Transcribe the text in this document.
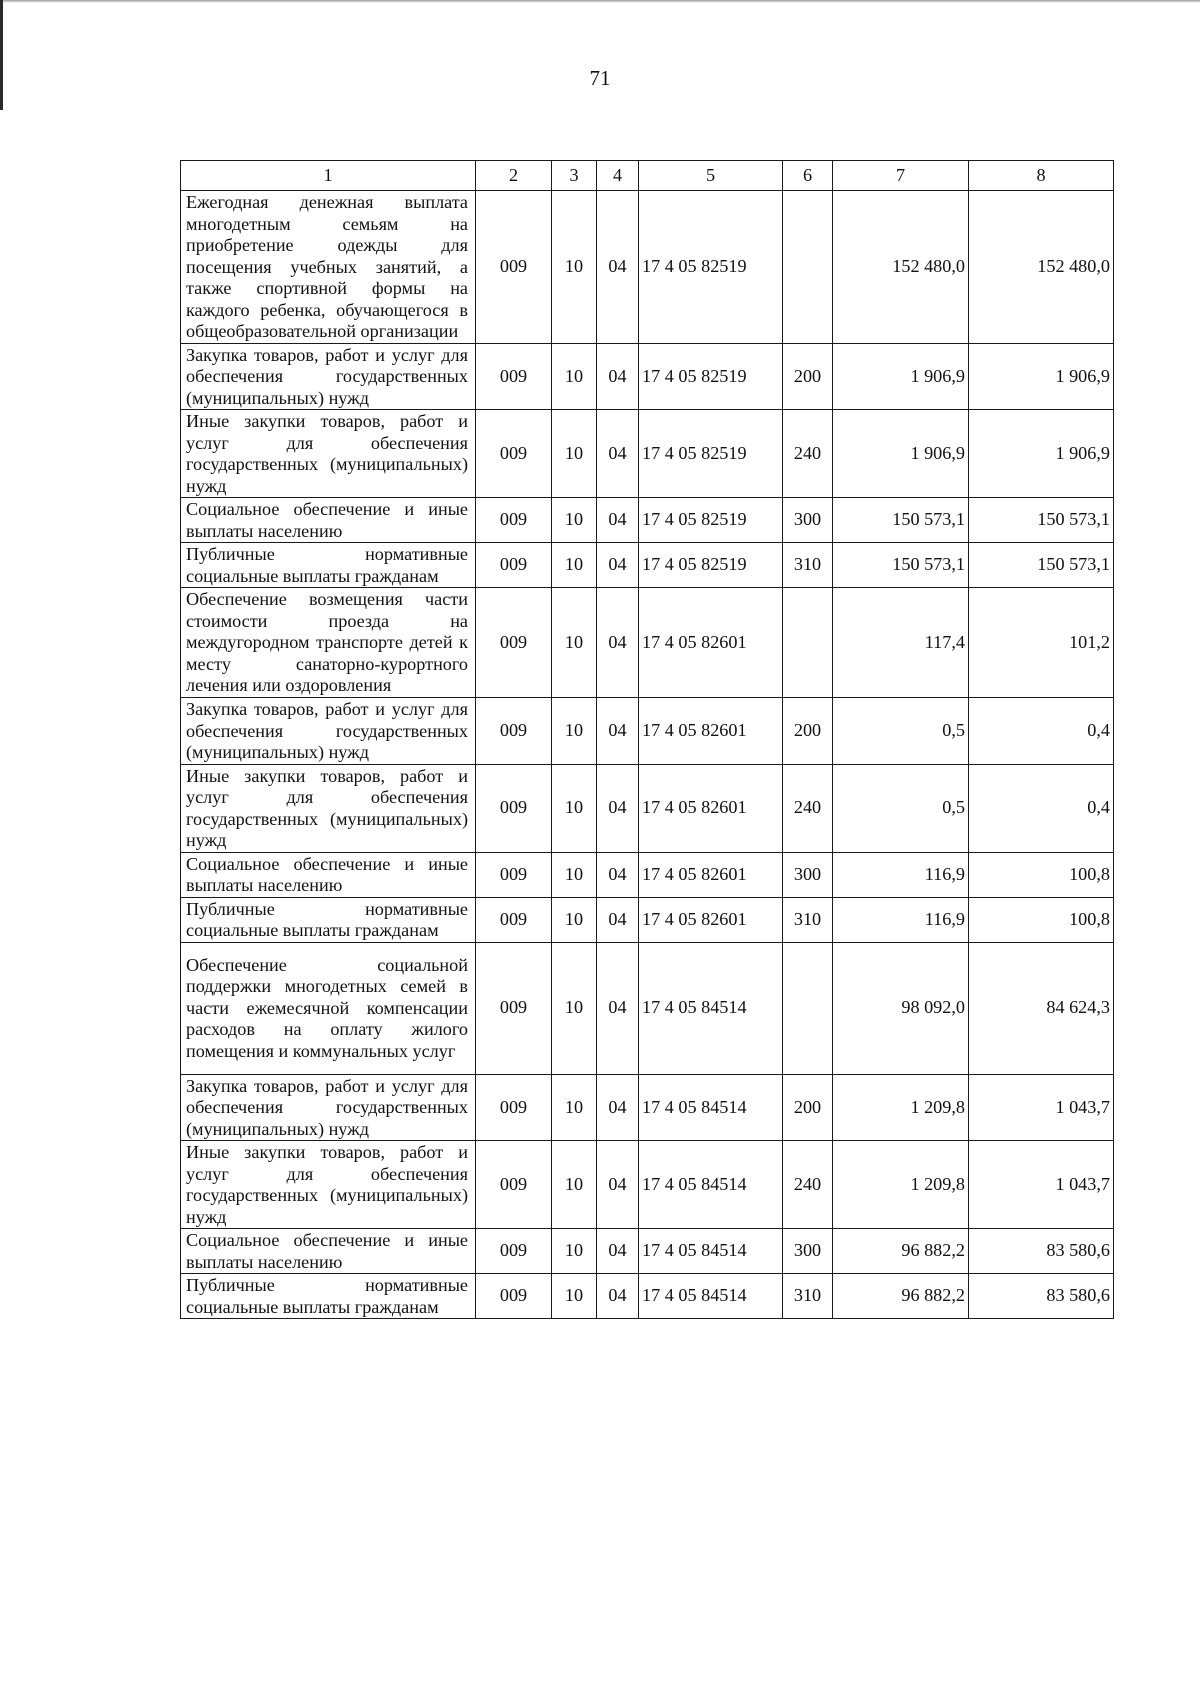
71
1	2	3	4	5	6	7	8
Ежегодная денежная выплата многодетным семьям на приобретение одежды для посещения учебных занятий, а также спортивной формы на каждого ребенка, обучающегося в общеобразовательной организации	009	10	04	17 4 05 82519		152 480,0	152 480,0
Закупка товаров, работ и услуг для обеспечения государственных (муниципальных) нужд	009	10	04	17 4 05 82519	200	1 906,9	1 906,9
Иные закупки товаров, работ и услуг для обеспечения государственных (муниципальных) нужд	009	10	04	17 4 05 82519	240	1 906,9	1 906,9
Социальное обеспечение и иные выплаты населению	009	10	04	17 4 05 82519	300	150 573,1	150 573,1
Публичные нормативные социальные выплаты гражданам	009	10	04	17 4 05 82519	310	150 573,1	150 573,1
Обеспечение возмещения части стоимости проезда на междугородном транспорте детей к месту санаторно-курортного лечения или оздоровления	009	10	04	17 4 05 82601		117,4	101,2
Закупка товаров, работ и услуг для обеспечения государственных (муниципальных) нужд	009	10	04	17 4 05 82601	200	0,5	0,4
Иные закупки товаров, работ и услуг для обеспечения государственных (муниципальных) нужд	009	10	04	17 4 05 82601	240	0,5	0,4
Социальное обеспечение и иные выплаты населению	009	10	04	17 4 05 82601	300	116,9	100,8
Публичные нормативные социальные выплаты гражданам	009	10	04	17 4 05 82601	310	116,9	100,8
Обеспечение социальной поддержки многодетных семей в части ежемесячной компенсации расходов на оплату жилого помещения и коммунальных услуг	009	10	04	17 4 05 84514		98 092,0	84 624,3
Закупка товаров, работ и услуг для обеспечения государственных (муниципальных) нужд	009	10	04	17 4 05 84514	200	1 209,8	1 043,7
Иные закупки товаров, работ и услуг для обеспечения государственных (муниципальных) нужд	009	10	04	17 4 05 84514	240	1 209,8	1 043,7
Социальное обеспечение и иные выплаты населению	009	10	04	17 4 05 84514	300	96 882,2	83 580,6
Публичные нормативные социальные выплаты гражданам	009	10	04	17 4 05 84514	310	96 882,2	83 580,6
